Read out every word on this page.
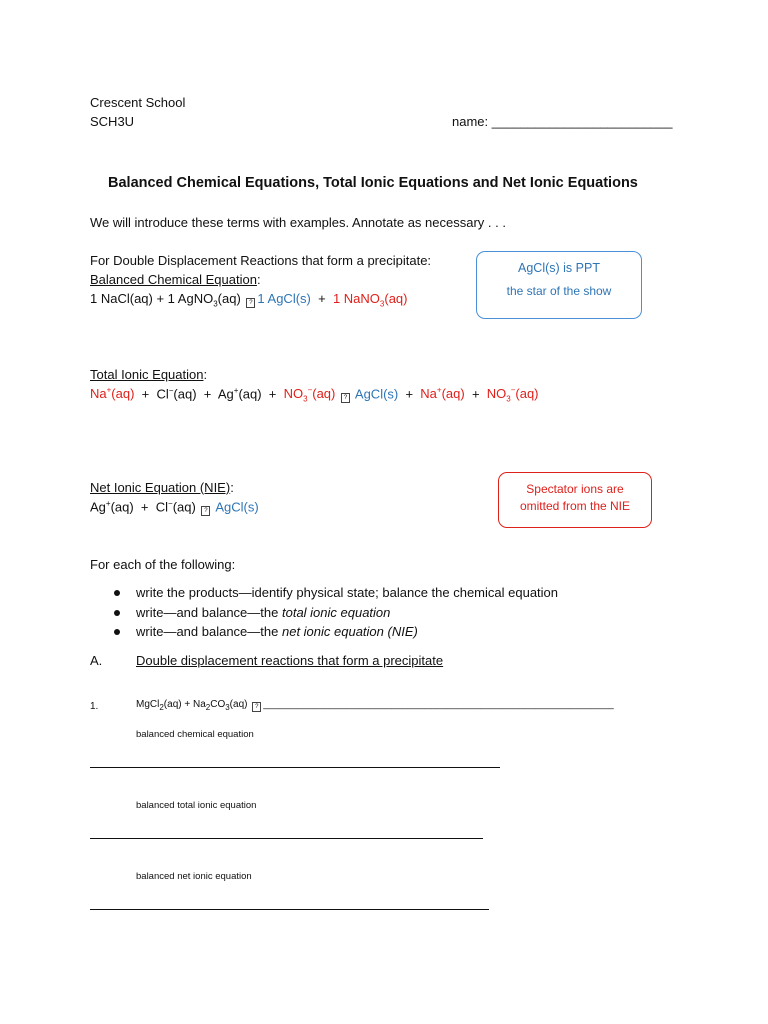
Crescent School
SCH3U	name: _________________________
Balanced Chemical Equations, Total Ionic Equations and Net Ionic Equations
We will introduce these terms with examples. Annotate as necessary . . .
For Double Displacement Reactions that form a precipitate:
Balanced Chemical Equation:
1 NaCl(aq) + 1 AgNO$_3$(aq) ? 1 AgCl(s) + 1 NaNO$_3$(aq)
AgCl(s) is PPT
the star of the show
Total Ionic Equation:
$Na^+(aq) + Cl^-(aq) + Ag^+(aq) + NO_3^-(aq)$ ? AgCl(s)  +  $Na^+(aq) + NO_3^-(aq)$
Net Ionic Equation (NIE):
Ag+(aq)  +  Cl−(aq) ? AgCl(s)
Spectator ions are
omitted from the NIE
For each of the following:
write the products—identify physical state; balance the chemical equation
write—and balance—the total ionic equation
write—and balance—the net ionic equation (NIE)
A.	Double displacement reactions that form a precipitate
1.	MgCl$_2$(aq) + $Na_2CO_3(aq)$ ? _______________________________________________________________
balanced chemical equation
balanced total ionic equation
balanced net ionic equation
